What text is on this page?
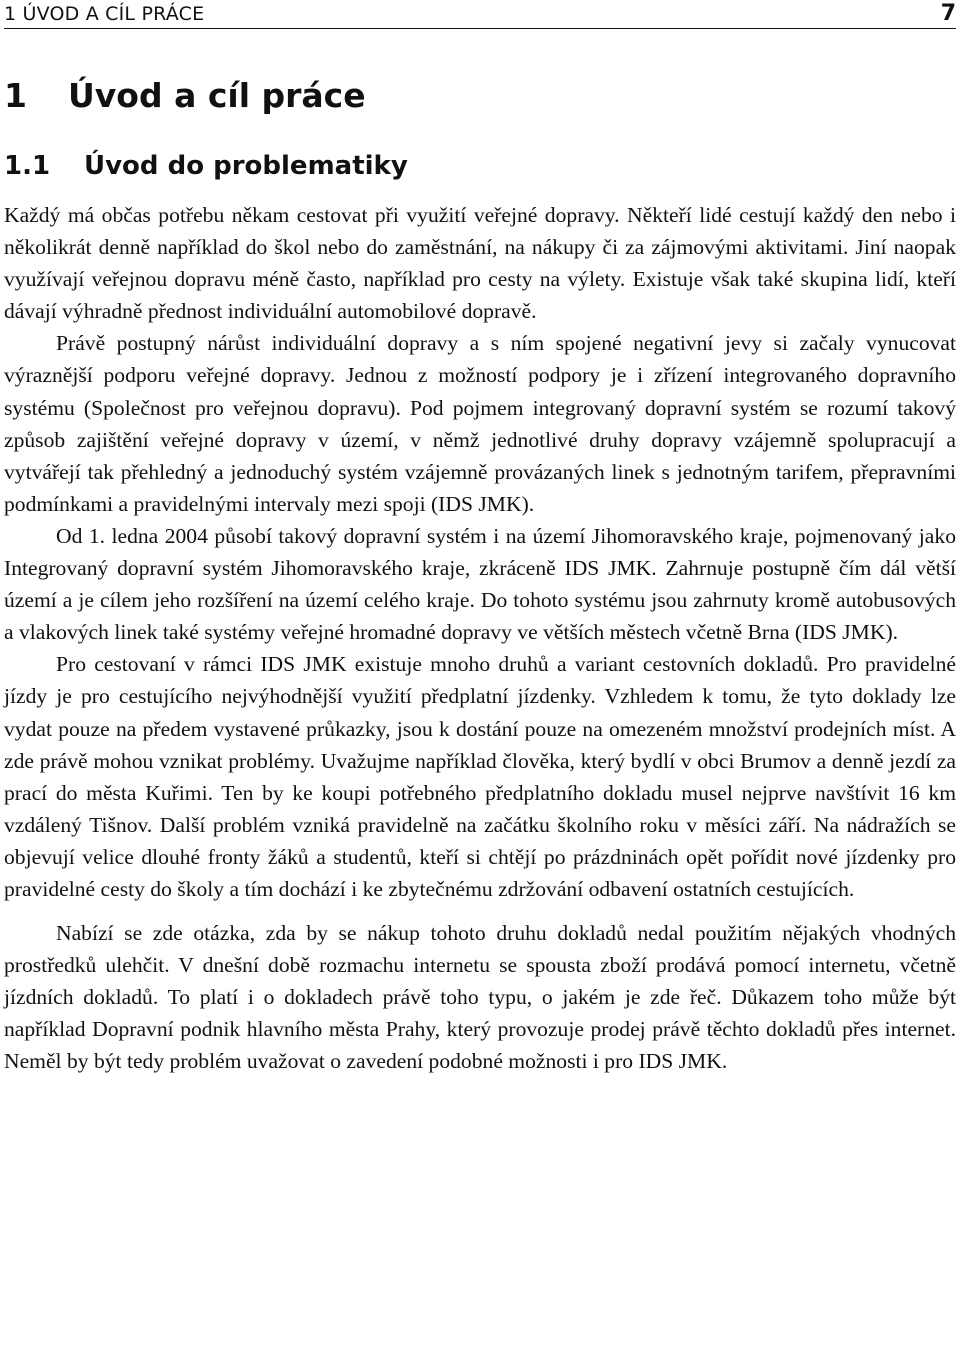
1 ÚVOD A CÍL PRÁCE	7
1 Úvod a cíl práce
1.1 Úvod do problematiky

Každý má občas potřebu někam cestovat při využití veřejné dopravy. Někteří lidé cestují každý den nebo i několikrát denně například do škol nebo do zaměstnání, na nákupy či za zájmovými aktivitami. Jiní naopak využívají veřejnou dopravu méně často, například pro cesty na výlety. Existuje však také skupina lidí, kteří dávají výhradně přednost individuální automobilové dopravě.

Právě postupný nárůst individuální dopravy a s ním spojené negativní jevy si začaly vynucovat výraznější podporu veřejné dopravy. Jednou z možností podpory je i zřízení integrovaného dopravního systému (Společnost pro veřejnou dopravu). Pod pojmem integrovaný dopravní systém se rozumí takový způsob zajištění veřejné dopravy v území, v němž jednotlivé druhy dopravy vzájemně spolupracují a vytvářejí tak přehledný a jednoduchý systém vzájemně provázaných linek s jednotným tarifem, přepravními podmínkami a pravidelnými intervaly mezi spoji (IDS JMK).

Od 1. ledna 2004 působí takový dopravní systém i na území Jihomoravského kraje, pojmenovaný jako Integrovaný dopravní systém Jihomoravského kraje, zkráceně IDS JMK. Zahrnuje postupně čím dál větší území a je cílem jeho rozšíření na území celého kraje. Do tohoto systému jsou zahrnuty kromě autobusových a vlakových linek také systémy veřejné hromadné dopravy ve větších městech včetně Brna (IDS JMK).

Pro cestovaní v rámci IDS JMK existuje mnoho druhů a variant cestovních dokladů. Pro pravidelné jízdy je pro cestujícího nejvýhodnější využití předplatní jízdenky. Vzhledem k tomu, že tyto doklady lze vydat pouze na předem vystavené průkazky, jsou k dostání pouze na omezeném množství prodejních míst. A zde právě mohou vznikat problémy. Uvažujme například člověka, který bydlí v obci Brumov a denně jezdí za prací do města Kuřimi. Ten by ke koupi potřebného předplatního dokladu musel nejprve navštívit 16 km vzdálený Tišnov. Další problém vzniká pravidelně na začátku školního roku v měsíci září. Na nádražích se objevují velice dlouhé fronty žáků a studentů, kteří si chtějí po prázdninách opět pořídit nové jízdenky pro pravidelné cesty do školy a tím dochází i ke zbytečnému zdržování odbavení ostatních cestujících.

Nabízí se zde otázka, zda by se nákup tohoto druhu dokladů nedal použitím nějakých vhodných prostředků ulehčit. V dnešní době rozmachu internetu se spousta zboží prodává pomocí internetu, včetně jízdních dokladů. To platí i o dokladech právě toho typu, o jakém je zde řeč. Důkazem toho může být například Dopravní podnik hlavního města Prahy, který provozuje prodej právě těchto dokladů přes internet. Neměl by být tedy problém uvažovat o zavedení podobné možnosti i pro IDS JMK.
